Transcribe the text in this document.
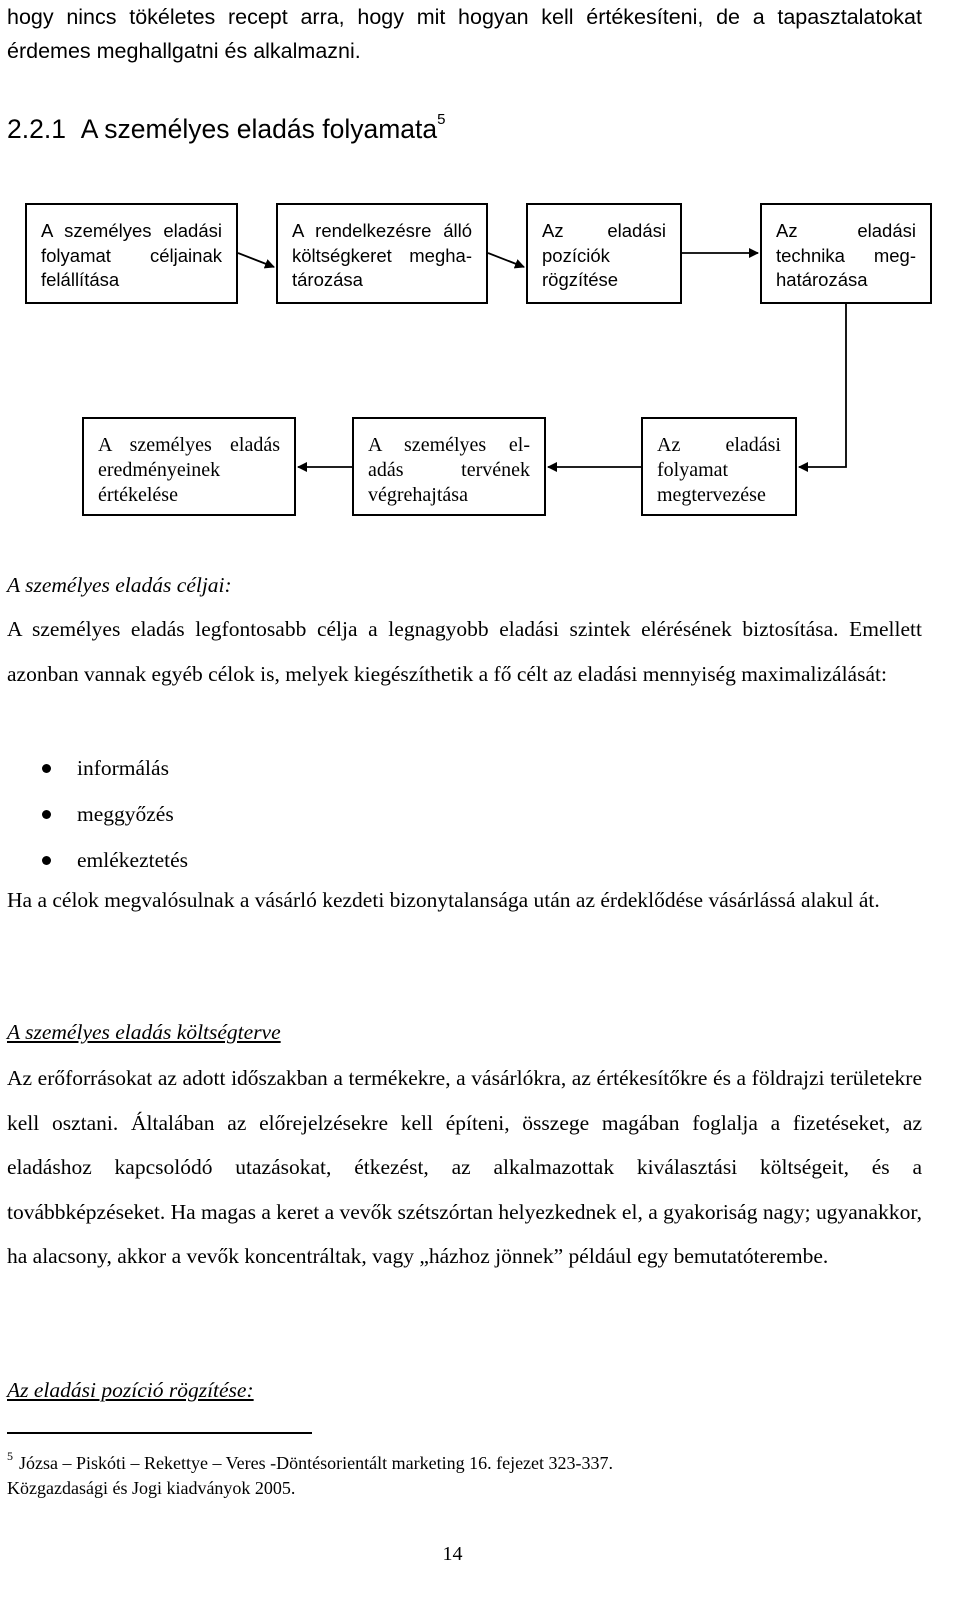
hogy nincs tökéletes recept arra, hogy mit hogyan kell értékesíteni, de a tapasztalatokat érdemes meghallgatni és alkalmazni.
2.2.1 A személyes eladás folyamata$^5$
A személyes eladási
folyamat céljainak
felállítása
A rendelkezésre álló
költségkeret megha-
tározása
Az eladási
pozíciók
rögzítése
Az eladási
technika meg-
határozása
Az eladási
folyamat
megtervezése
A személyes el-
adás tervének
végrehajtása
A személyes eladás
eredményeinek
értékelése
A személyes eladás céljai:
A személyes eladás legfontosabb célja a legnagyobb eladási szintek elérésének biztosítása. Emellett azonban vannak egyéb célok is, melyek kiegészíthetik a fő célt az eladási mennyiség maximalizálását:
informálás
meggyőzés
emlékeztetés
Ha a célok megvalósulnak a vásárló kezdeti bizonytalansága után az érdeklődése vásárlássá alakul át.
A személyes eladás költségterve
Az erőforrásokat az adott időszakban a termékekre, a vásárlókra, az értékesítőkre és a földrajzi területekre kell osztani. Általában az előrejelzésekre kell építeni, összege magában foglalja a fizetéseket, az eladáshoz kapcsolódó utazásokat, étkezést, az alkalmazottak kiválasztási költségeit, és a továbbképzéseket. Ha magas a keret a vevők szétszórtan helyezkednek el, a gyakoriság nagy; ugyanakkor, ha alacsony, akkor a vevők koncentráltak, vagy „házhoz jönnek” például egy bemutatóterembe.
Az eladási pozíció rögzítése:
$^5$ Józsa – Piskóti – Rekettye – Veres -Döntésorientált marketing 16. fejezet 323-337.
Közgazdasági és Jogi kiadványok 2005.
14
